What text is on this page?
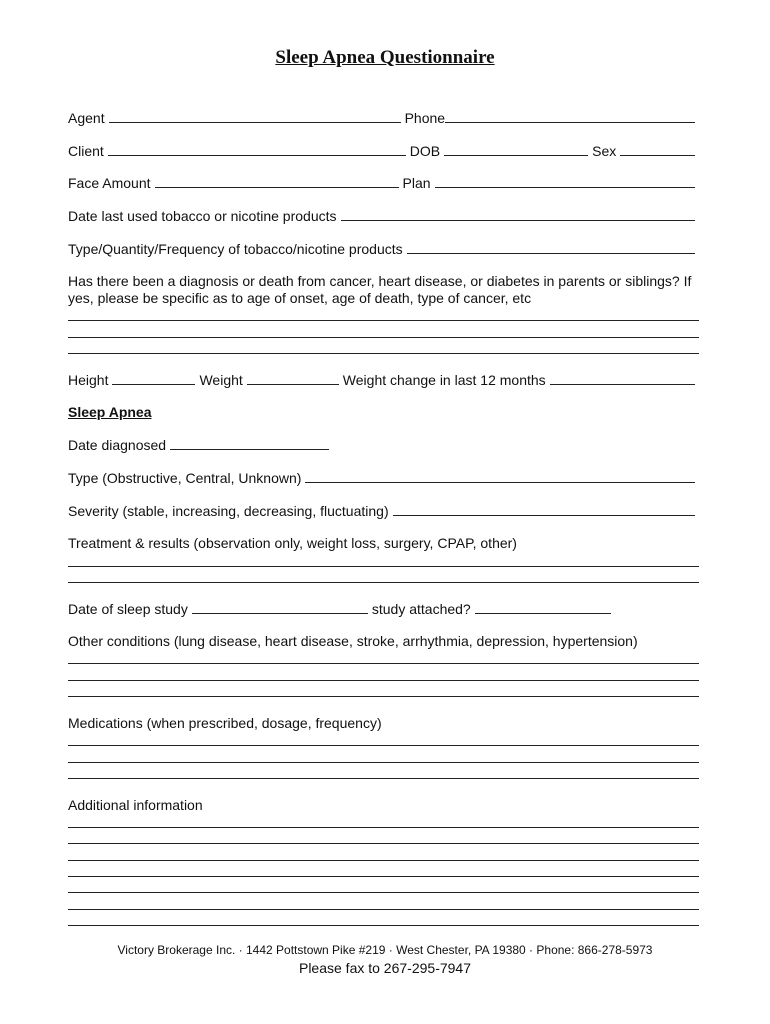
Sleep Apnea Questionnaire
Agent	Phone
Client	DOB	Sex
Face Amount	Plan
Date last used tobacco or nicotine products
Type/Quantity/Frequency of tobacco/nicotine products
Has there been a diagnosis or death from cancer, heart disease, or diabetes in parents or siblings? If yes, please be specific as to age of onset, age of death, type of cancer, etc
Height	Weight	Weight change in last 12 months
Sleep Apnea
Date diagnosed
Type (Obstructive, Central, Unknown)
Severity (stable, increasing, decreasing, fluctuating)
Treatment & results (observation only, weight loss, surgery, CPAP, other)
Date of sleep study	study attached?
Other conditions (lung disease, heart disease, stroke, arrhythmia, depression, hypertension)
Medications (when prescribed, dosage, frequency)
Additional information
Victory Brokerage Inc. · 1442 Pottstown Pike #219 · West Chester, PA 19380 · Phone: 866-278-5973
Please fax to 267-295-7947
